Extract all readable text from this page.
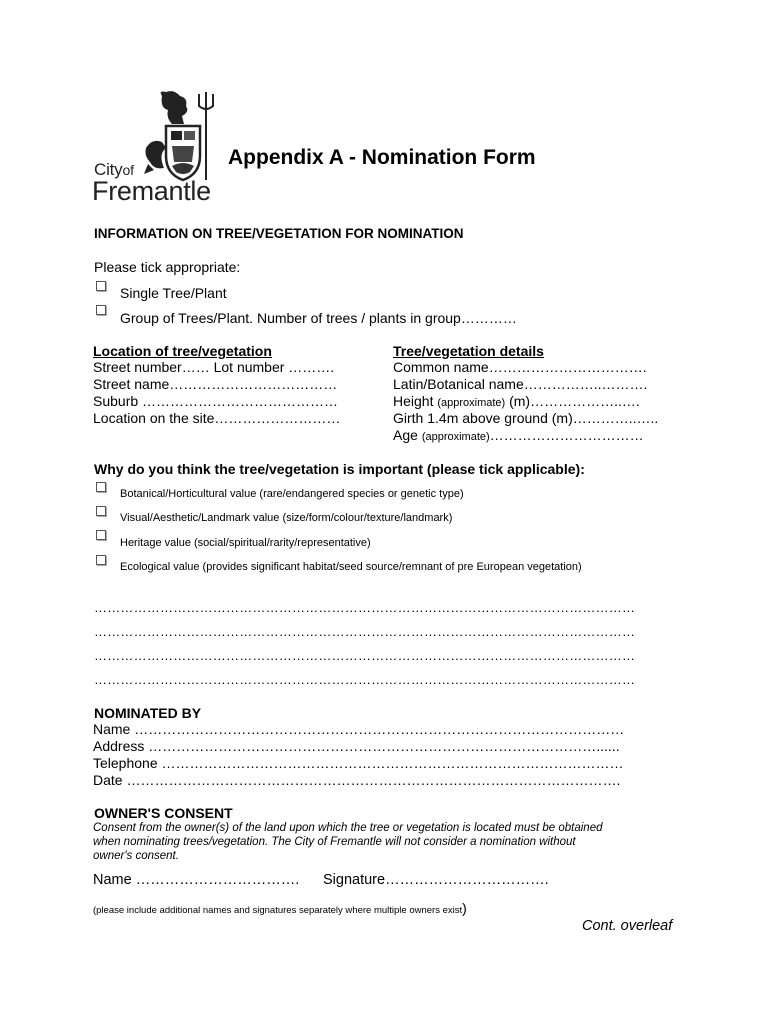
Cityof
Fremantle
Appendix A - Nomination Form
INFORMATION ON TREE/VEGETATION FOR NOMINATION
Please tick appropriate:
Single Tree/Plant
Group of Trees/Plant. Number of trees / plants in group…………
Location of tree/vegetation
Street number…… Lot number ……….
Street name………………………………
Suburb ……………………………………
Location on the site………………………
Tree/vegetation details
Common name…………………………….
Latin/Botanical name……………..……….
Height (approximate) (m)………………..….
Girth 1.4m above ground (m)…………..…..
Age (approximate)……………………………
Why do you think the tree/vegetation is important (please tick applicable):
Botanical/Horticultural value (rare/endangered species or genetic type)
Visual/Aesthetic/Landmark value (size/form/colour/texture/landmark)
Heritage value (social/spiritual/rarity/representative)
Ecological value (provides significant habitat/seed source/remnant of pre European vegetation)
……………………………………………………………………………………………………………
……………………………………………………………………………………………………………
……………………………………………………………………………………………………………
……………………………………………………………………………………………………………
NOMINATED BY
Name ……………………………………………………………………………………………
Address ……………………………………………………………………………………......
Telephone ………………………………………………………………………………………
Date …………………………………………………………………………………………….
OWNER'S CONSENT
Consent from the owner(s) of the land upon which the tree or vegetation is located must be obtained
when nominating trees/vegetation. The City of Fremantle will not consider a nomination without
owner's consent.
Name ……………………………. Signature…………………………….
(please include additional names and signatures separately where multiple owners exist)
Cont. overleaf
